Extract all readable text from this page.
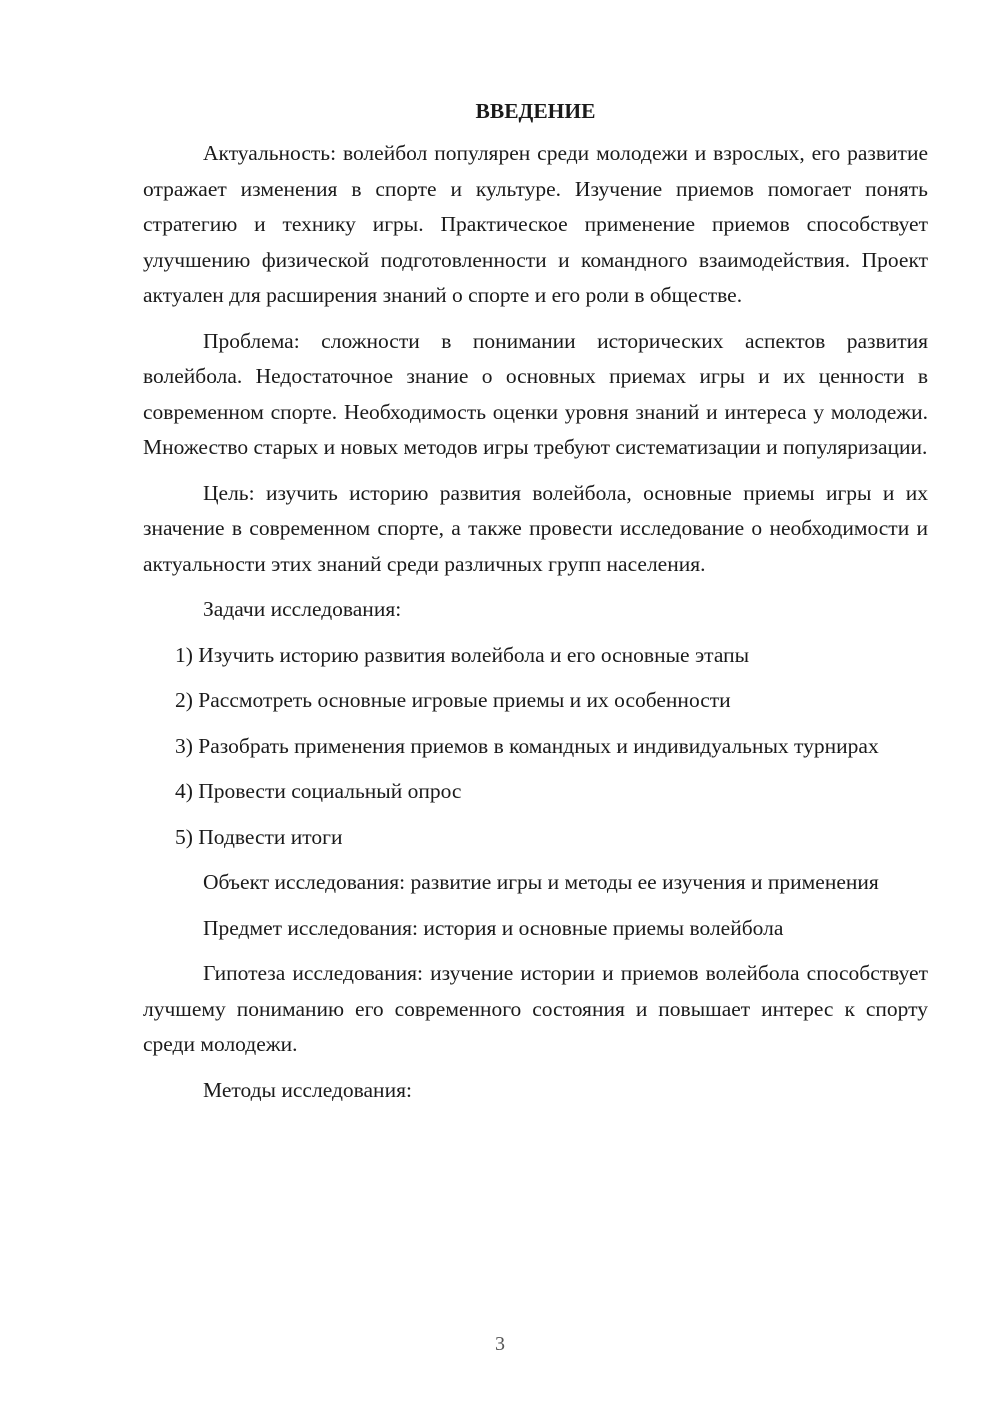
ВВЕДЕНИЕ

Актуальность: волейбол популярен среди молодежи и взрослых, его развитие отражает изменения в спорте и культуре. Изучение приемов помогает понять стратегию и технику игры. Практическое применение приемов способствует улучшению физической подготовленности и командного взаимодействия. Проект актуален для расширения знаний о спорте и его роли в обществе.

Проблема: сложности в понимании исторических аспектов развития волейбола. Недостаточное знание о основных приемах игры и их ценности в современном спорте. Необходимость оценки уровня знаний и интереса у молодежи. Множество старых и новых методов игры требуют систематизации и популяризации.

Цель: изучить историю развития волейбола, основные приемы игры и их значение в современном спорте, а также провести исследование о необходимости и актуальности этих знаний среди различных групп населения.

Задачи исследования:

1) Изучить историю развития волейбола и его основные этапы

2) Рассмотреть основные игровые приемы и их особенности

3) Разобрать применения приемов в командных и индивидуальных турнирах

4) Провести социальный опрос

5) Подвести итоги

Объект исследования: развитие игры и методы ее изучения и применения

Предмет исследования: история и основные приемы волейбола

Гипотеза исследования: изучение истории и приемов волейбола способствует лучшему пониманию его современного состояния и повышает интерес к спорту среди молодежи.

Методы исследования:

3
